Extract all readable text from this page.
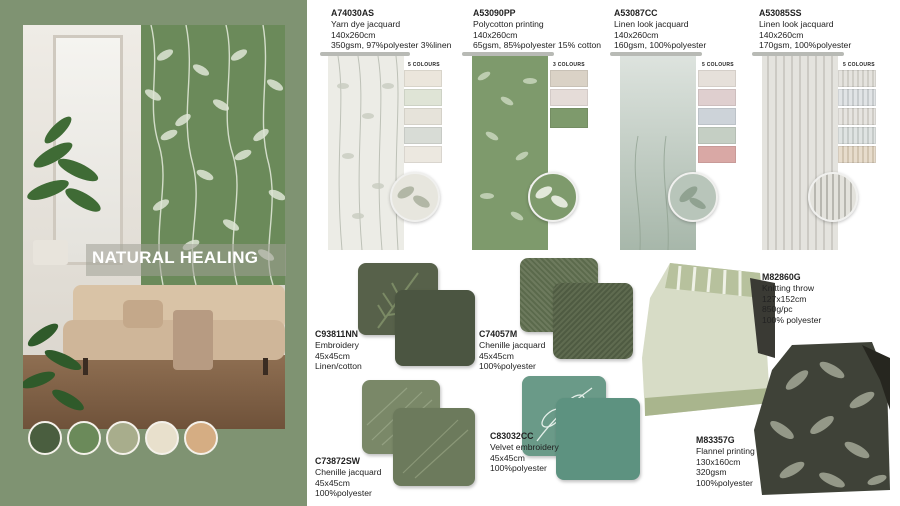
NATURAL HEALING
A74030AS
Yarn dye jacquard
140x260cm
350gsm, 97%polyester 3%linen
A53090PP
Polycotton printing
140x260cm
65gsm, 85%polyester 15% cotton
A53087CC
Linen look jacquard
140x260cm
160gsm, 100%polyester
A53085SS
Linen look jacquard
140x260cm
170gsm, 100%polyester
5 COLOURS	3 COLOURS	5 COLOURS	5 COLOURS
C93811NN
Embroidery
45x45cm
Linen/cotton
C74057M
Chenille jacquard
45x45cm
100%polyester
C73872SW
Chenille jacquard
45x45cm
100%polyester
C83032CC
Velvet embroidery
45x45cm
100%polyester
M82860G
Knitting throw
127x152cm
850g/pc
100% polyester
M83357G
Flannel printing
130x160cm
320gsm
100%polyester
